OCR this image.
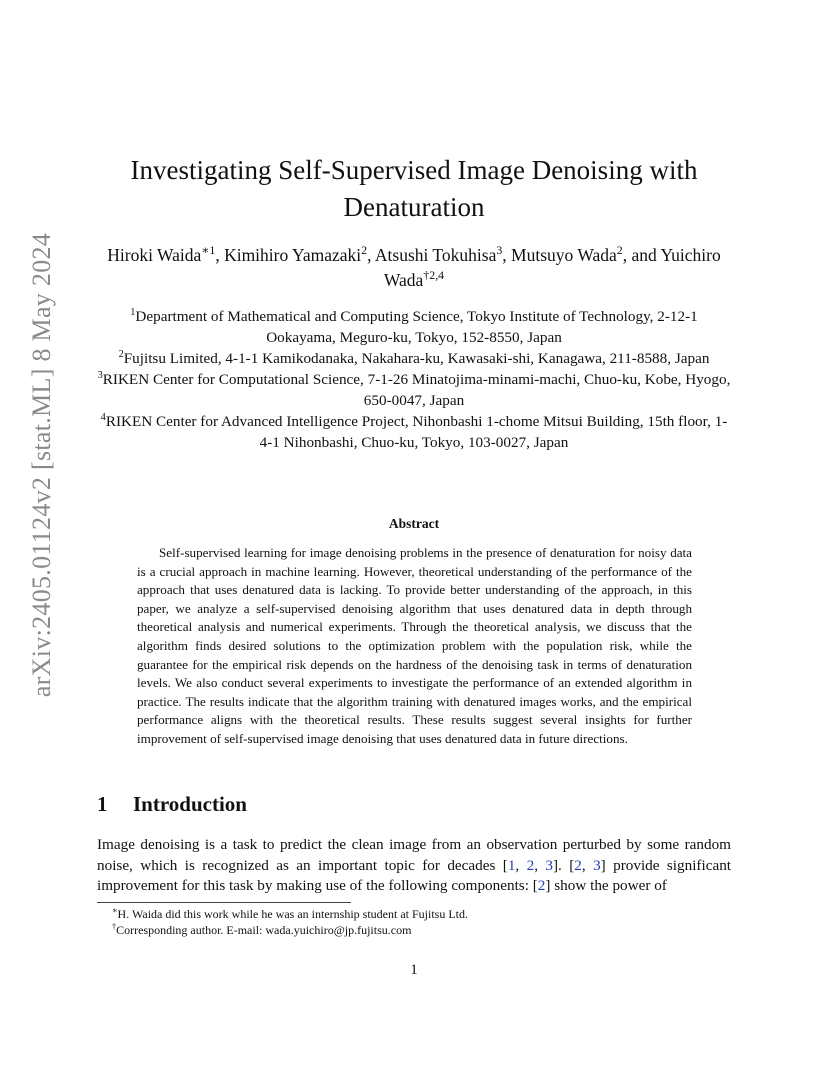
arXiv:2405.01124v2 [stat.ML] 8 May 2024
Investigating Self-Supervised Image Denoising with Denaturation
Hiroki Waida$^{∗1}$, Kimihiro Yamazaki$^2$, Atsushi Tokuhisa$^3$, Mutsuyo Wada$^2$, and Yuichiro Wada$^{\dagger 2,4}$
$^1$Department of Mathematical and Computing Science, Tokyo Institute of Technology, 2-12-1 Ookayama, Meguro-ku, Tokyo, 152-8550, Japan
$^2$Fujitsu Limited, 4-1-1 Kamikodanaka, Nakahara-ku, Kawasaki-shi, Kanagawa, 211-8588, Japan
$^3$RIKEN Center for Computational Science, 7-1-26 Minatojima-minami-machi, Chuo-ku, Kobe, Hyogo, 650-0047, Japan
$^4$RIKEN Center for Advanced Intelligence Project, Nihonbashi 1-chome Mitsui Building, 15th floor, 1-4-1 Nihonbashi, Chuo-ku, Tokyo, 103-0027, Japan
Abstract

Self-supervised learning for image denoising problems in the presence of denaturation for noisy data is a crucial approach in machine learning. However, theoretical understanding of the performance of the approach that uses denatured data is lacking. To provide better understanding of the approach, in this paper, we analyze a self-supervised denoising algorithm that uses denatured data in depth through theoretical analysis and numerical experiments. Through the theoretical analysis, we discuss that the algorithm finds desired solutions to the optimization problem with the population risk, while the guarantee for the empirical risk depends on the hardness of the denoising task in terms of denaturation levels. We also conduct several experiments to investigate the performance of an extended algorithm in practice. The results indicate that the algorithm training with denatured images works, and the empirical performance aligns with the theoretical results. These results suggest several insights for further improvement of self-supervised image denoising that uses denatured data in future directions.

1 Introduction

Image denoising is a task to predict the clean image from an observation perturbed by some random noise, which is recognized as an important topic for decades [1, 2, 3]. [2, 3] provide significant improvement for this task by making use of the following components: [2] show the power of

∗H. Waida did this work while he was an internship student at Fujitsu Ltd.
†Corresponding author. E-mail: wada.yuichiro@jp.fujitsu.com
1
